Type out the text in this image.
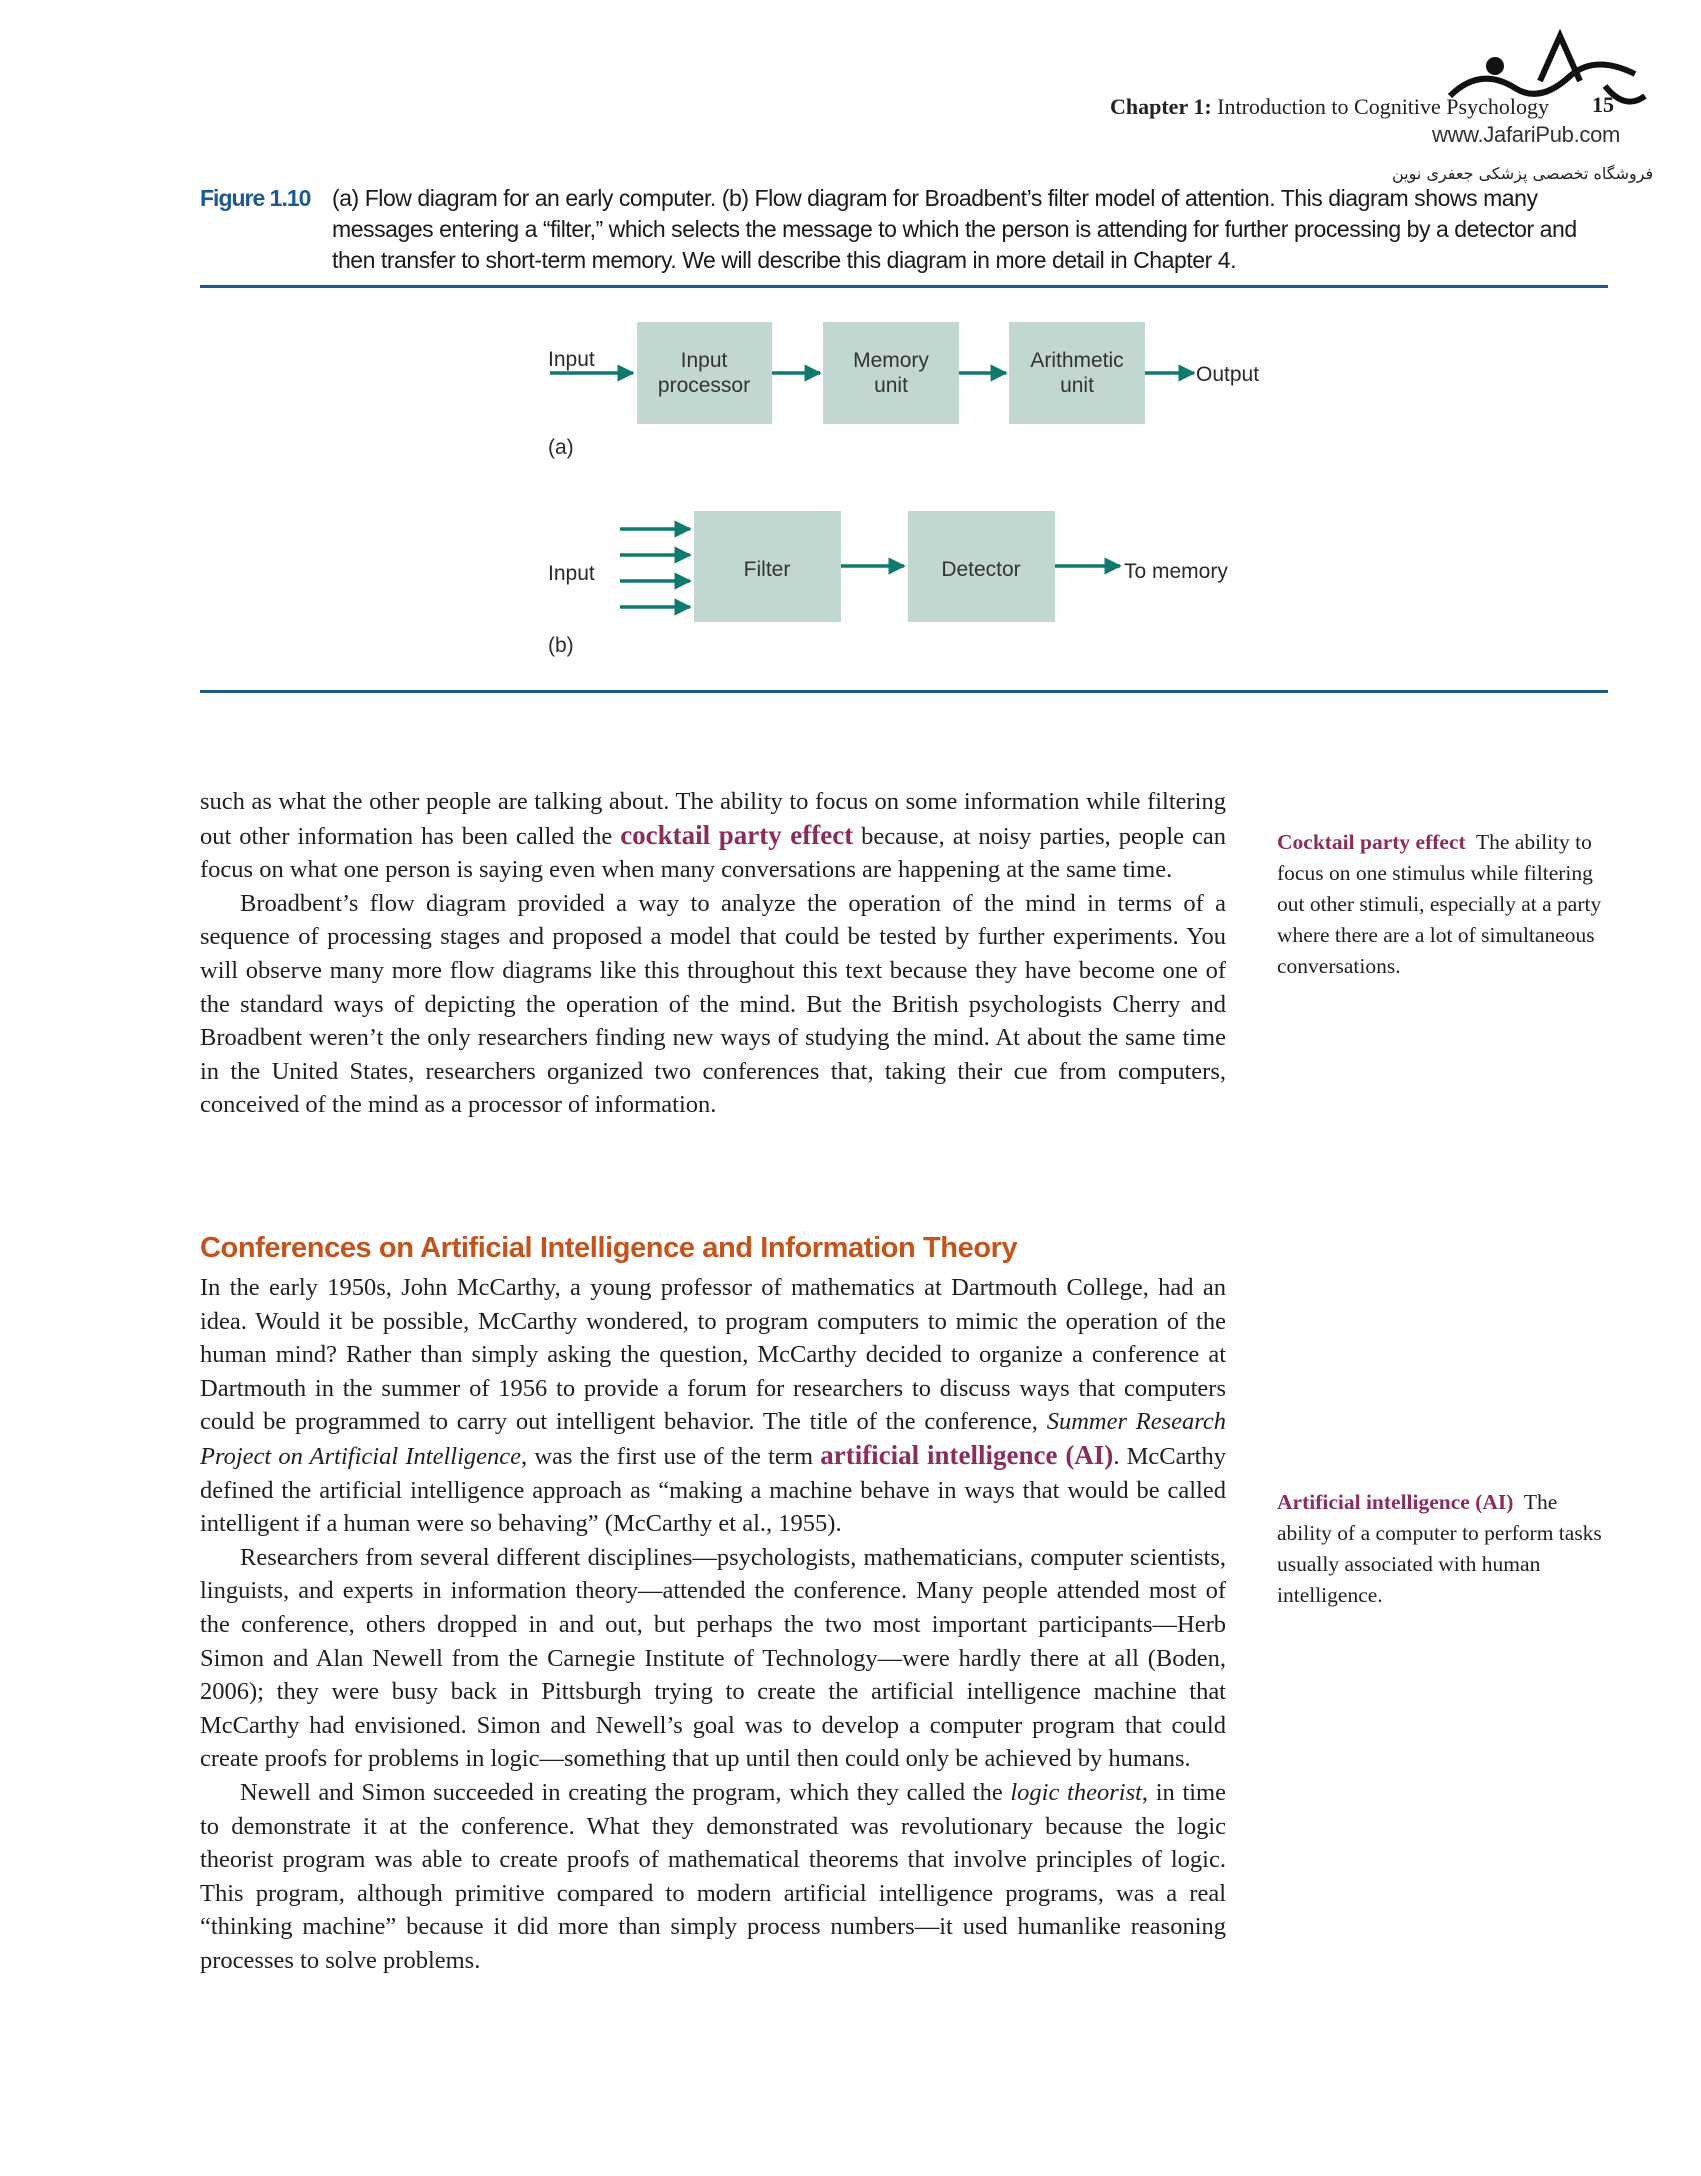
Chapter 1: Introduction to Cognitive Psychology 15
www.JafariPub.com
فروشگاه تخصصی پزشکی جعفری نوین
Figure 1.10 (a) Flow diagram for an early computer. (b) Flow diagram for Broadbent’s filter model of attention. This diagram shows many messages entering a “filter,” which selects the message to which the person is attending for further processing by a detector and then transfer to short-term memory. We will describe this diagram in more detail in Chapter 4.
Input	Input
processor
Memory
unit
Arithmetic
unit	Output
(a)
Input	Filter	Detector	To memory
(b)

such as what the other people are talking about. The ability to focus on some information while filtering out other information has been called the cocktail party effect because, at noisy parties, people can focus on what one person is saying even when many conversations are happening at the same time.

Broadbent’s flow diagram provided a way to analyze the operation of the mind in terms of a sequence of processing stages and proposed a model that could be tested by further experiments. You will observe many more flow diagrams like this throughout this text because they have become one of the standard ways of depicting the operation of the mind. But the British psychologists Cherry and Broadbent weren’t the only researchers finding new ways of studying the mind. At about the same time in the United States, researchers organized two conferences that, taking their cue from computers, conceived of the mind as a processor of information.

Conferences on Artificial Intelligence and Information Theory

In the early 1950s, John McCarthy, a young professor of mathematics at Dartmouth College, had an idea. Would it be possible, McCarthy wondered, to program computers to mimic the operation of the human mind? Rather than simply asking the question, McCarthy decided to organize a conference at Dartmouth in the summer of 1956 to provide a forum for researchers to discuss ways that computers could be programmed to carry out intelligent behavior. The title of the conference, Summer Research Project on Artificial Intelligence, was the first use of the term artificial intelligence (AI). McCarthy defined the artificial intelligence approach as “making a machine behave in ways that would be called intelligent if a human were so behaving” (McCarthy et al., 1955).

Researchers from several different disciplines—psychologists, mathematicians, computer scientists, linguists, and experts in information theory—attended the conference. Many people attended most of the conference, others dropped in and out, but perhaps the two most important participants—Herb Simon and Alan Newell from the Carnegie Institute of Technology—were hardly there at all (Boden, 2006); they were busy back in Pittsburgh trying to create the artificial intelligence machine that McCarthy had envisioned. Simon and Newell’s goal was to develop a computer program that could create proofs for problems in logic—something that up until then could only be achieved by humans.

Newell and Simon succeeded in creating the program, which they called the logic theorist, in time to demonstrate it at the conference. What they demonstrated was revolutionary because the logic theorist program was able to create proofs of mathematical theorems that involve principles of logic. This program, although primitive compared to modern artificial intelligence programs, was a real “thinking machine” because it did more than simply process numbers—it used humanlike reasoning processes to solve problems.

Cocktail party effect The ability to focus on one stimulus while filtering out other stimuli, especially at a party where there are a lot of simultaneous conversations.
Artificial intelligence (AI) The ability of a computer to perform tasks usually associated with human intelligence.
